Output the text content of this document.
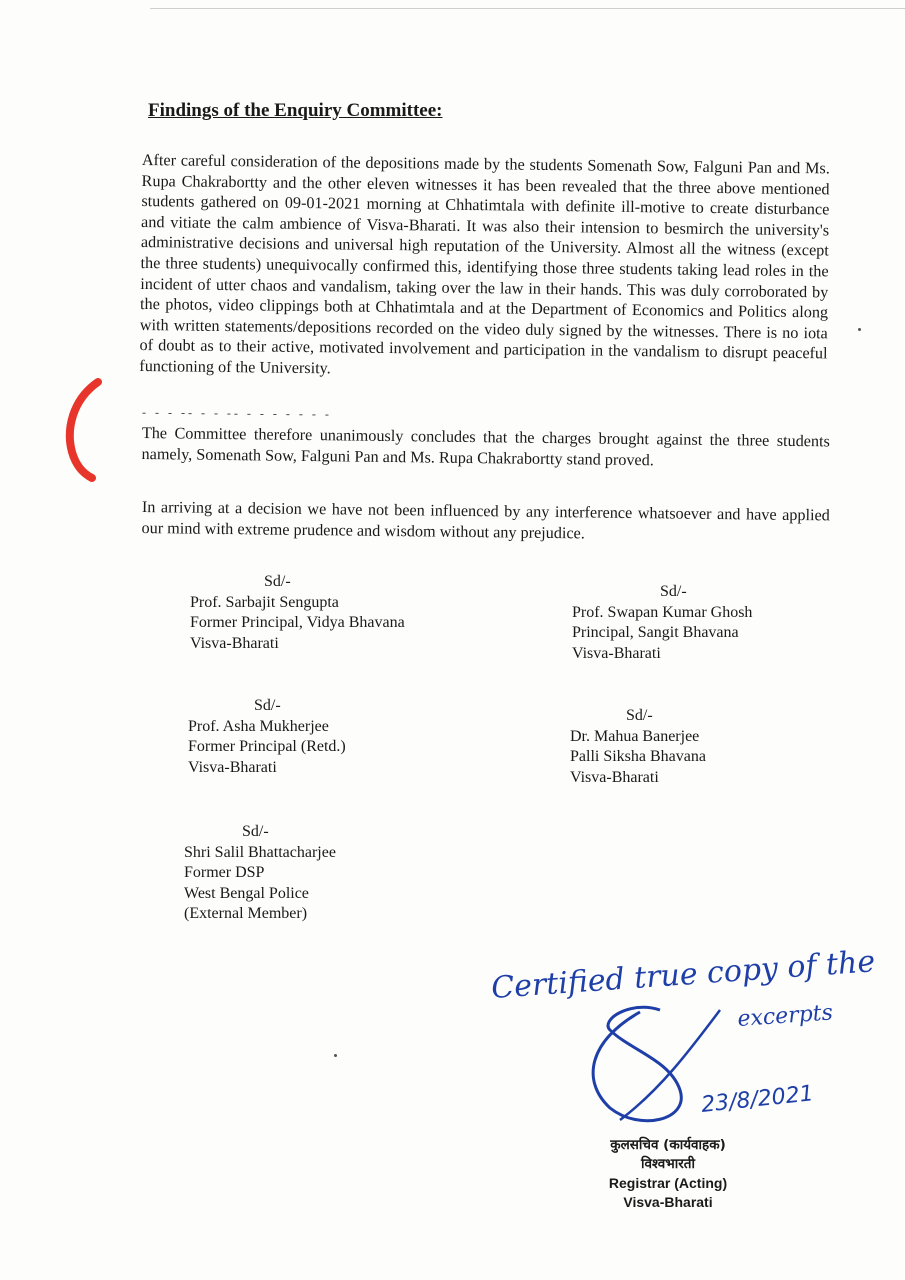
Findings of the Enquiry Committee:
After careful consideration of the depositions made by the students Somenath Sow, Falguni Pan and Ms. Rupa Chakrabortty and the other eleven witnesses it has been revealed that the three above mentioned students gathered on 09-01-2021 morning at Chhatimtala with definite ill-motive to create disturbance and vitiate the calm ambience of Visva-Bharati. It was also their intension to besmirch the university's administrative decisions and universal high reputation of the University. Almost all the witness (except the three students) unequivocally confirmed this, identifying those three students taking lead roles in the incident of utter chaos and vandalism, taking over the law in their hands. This was duly corroborated by the photos, video clippings both at Chhatimtala and at the Department of Economics and Politics along with written statements/depositions recorded on the video duly signed by the witnesses. There is no iota of doubt as to their active, motivated involvement and participation in the vandalism to disrupt peaceful functioning of the University.
- - - -- - - -- - - - - - - -
The Committee therefore unanimously concludes that the charges brought against the three students namely, Somenath Sow, Falguni Pan and Ms. Rupa Chakrabortty stand proved.
In arriving at a decision we have not been influenced by any interference whatsoever and have applied our mind with extreme prudence and wisdom without any prejudice.
Sd/-
Prof. Sarbajit Sengupta
Former Principal, Vidya Bhavana
Visva-Bharati
Sd/-
Prof. Swapan Kumar Ghosh
Principal, Sangit Bhavana
Visva-Bharati
Sd/-
Prof. Asha Mukherjee
Former Principal (Retd.)
Visva-Bharati
Sd/-
Dr. Mahua Banerjee
Palli Siksha Bhavana
Visva-Bharati
Sd/-
Shri Salil Bhattacharjee
Former DSP
West Bengal Police
(External Member)
Certified true copy of the
excerpts
23/8/2021
कुलसचिव (कार्यवाहक)
विश्वभारती
Registrar (Acting)
Visva-Bharati
